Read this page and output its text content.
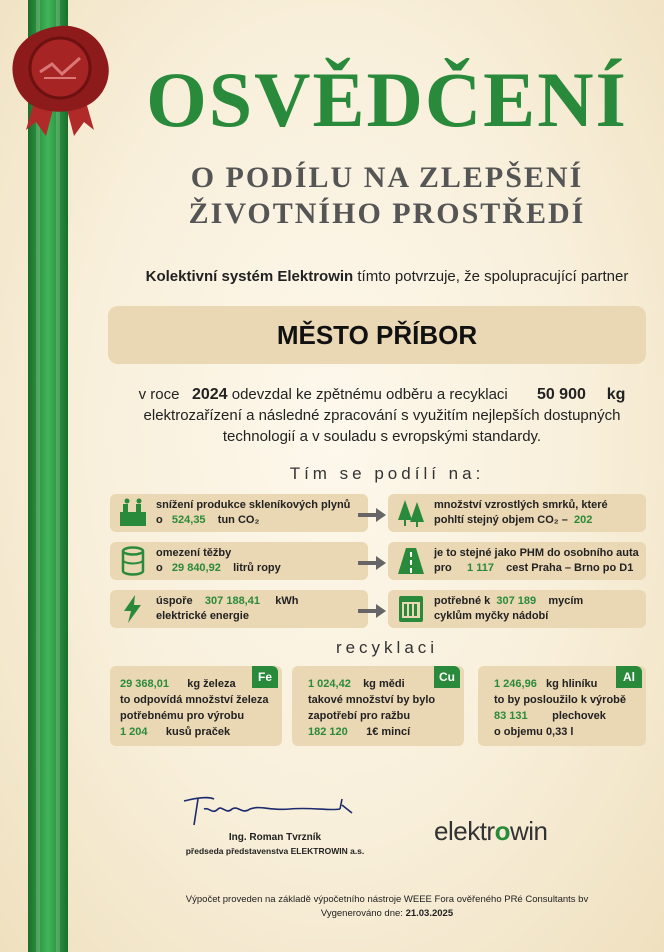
OSVĚDČENÍ
O PODÍLU NA ZLEPŠENÍ
ŽIVOTNÍHO PROSTŘEDÍ
Kolektivní systém Elektrowin tímto potvrzuje, že spolupracující partner
MĚSTO PŘÍBOR
v roce 2024 odevzdal ke zpětnému odběru a recyklaci 50 900 kg
elektrozařízení a následné zpracování s využitím nejlepších dostupných
technologií a v souladu s evropskými standardy.
Tím se podílí na:
snížení produkce skleníkových plynů
o 524,35 tun CO₂
množství vzrostlých smrků, které
pohltí stejný objem CO₂ – 202
omezení těžby
o 29 840,92 litrů ropy
je to stejné jako PHM do osobního auta
pro 1 117 cest Praha – Brno po D1
úspoře 307 188,41 kWh
elektrické energie
potřebné k 307 189 mycím
cyklům myčky nádobí
recyklaci
Fe
29 368,01 kg železa
to odpovídá množství železa
potřebnému pro výrobu
1 204 kusů praček
Cu
1 024,42 kg mědi
takové množství by bylo
zapotřebí pro ražbu
182 120 1€ mincí
Al
1 246,96 kg hliníku
to by posloužilo k výrobě
83 131 plechovek
o objemu 0,33 l
Ing. Roman Tvrzník
předseda představenstva ELEKTROWIN a.s.
elektrowin
Výpočet proveden na základě výpočetního nástroje WEEE Fora ověřeného PRé Consultants bv
Vygenerováno dne: 21.03.2025
